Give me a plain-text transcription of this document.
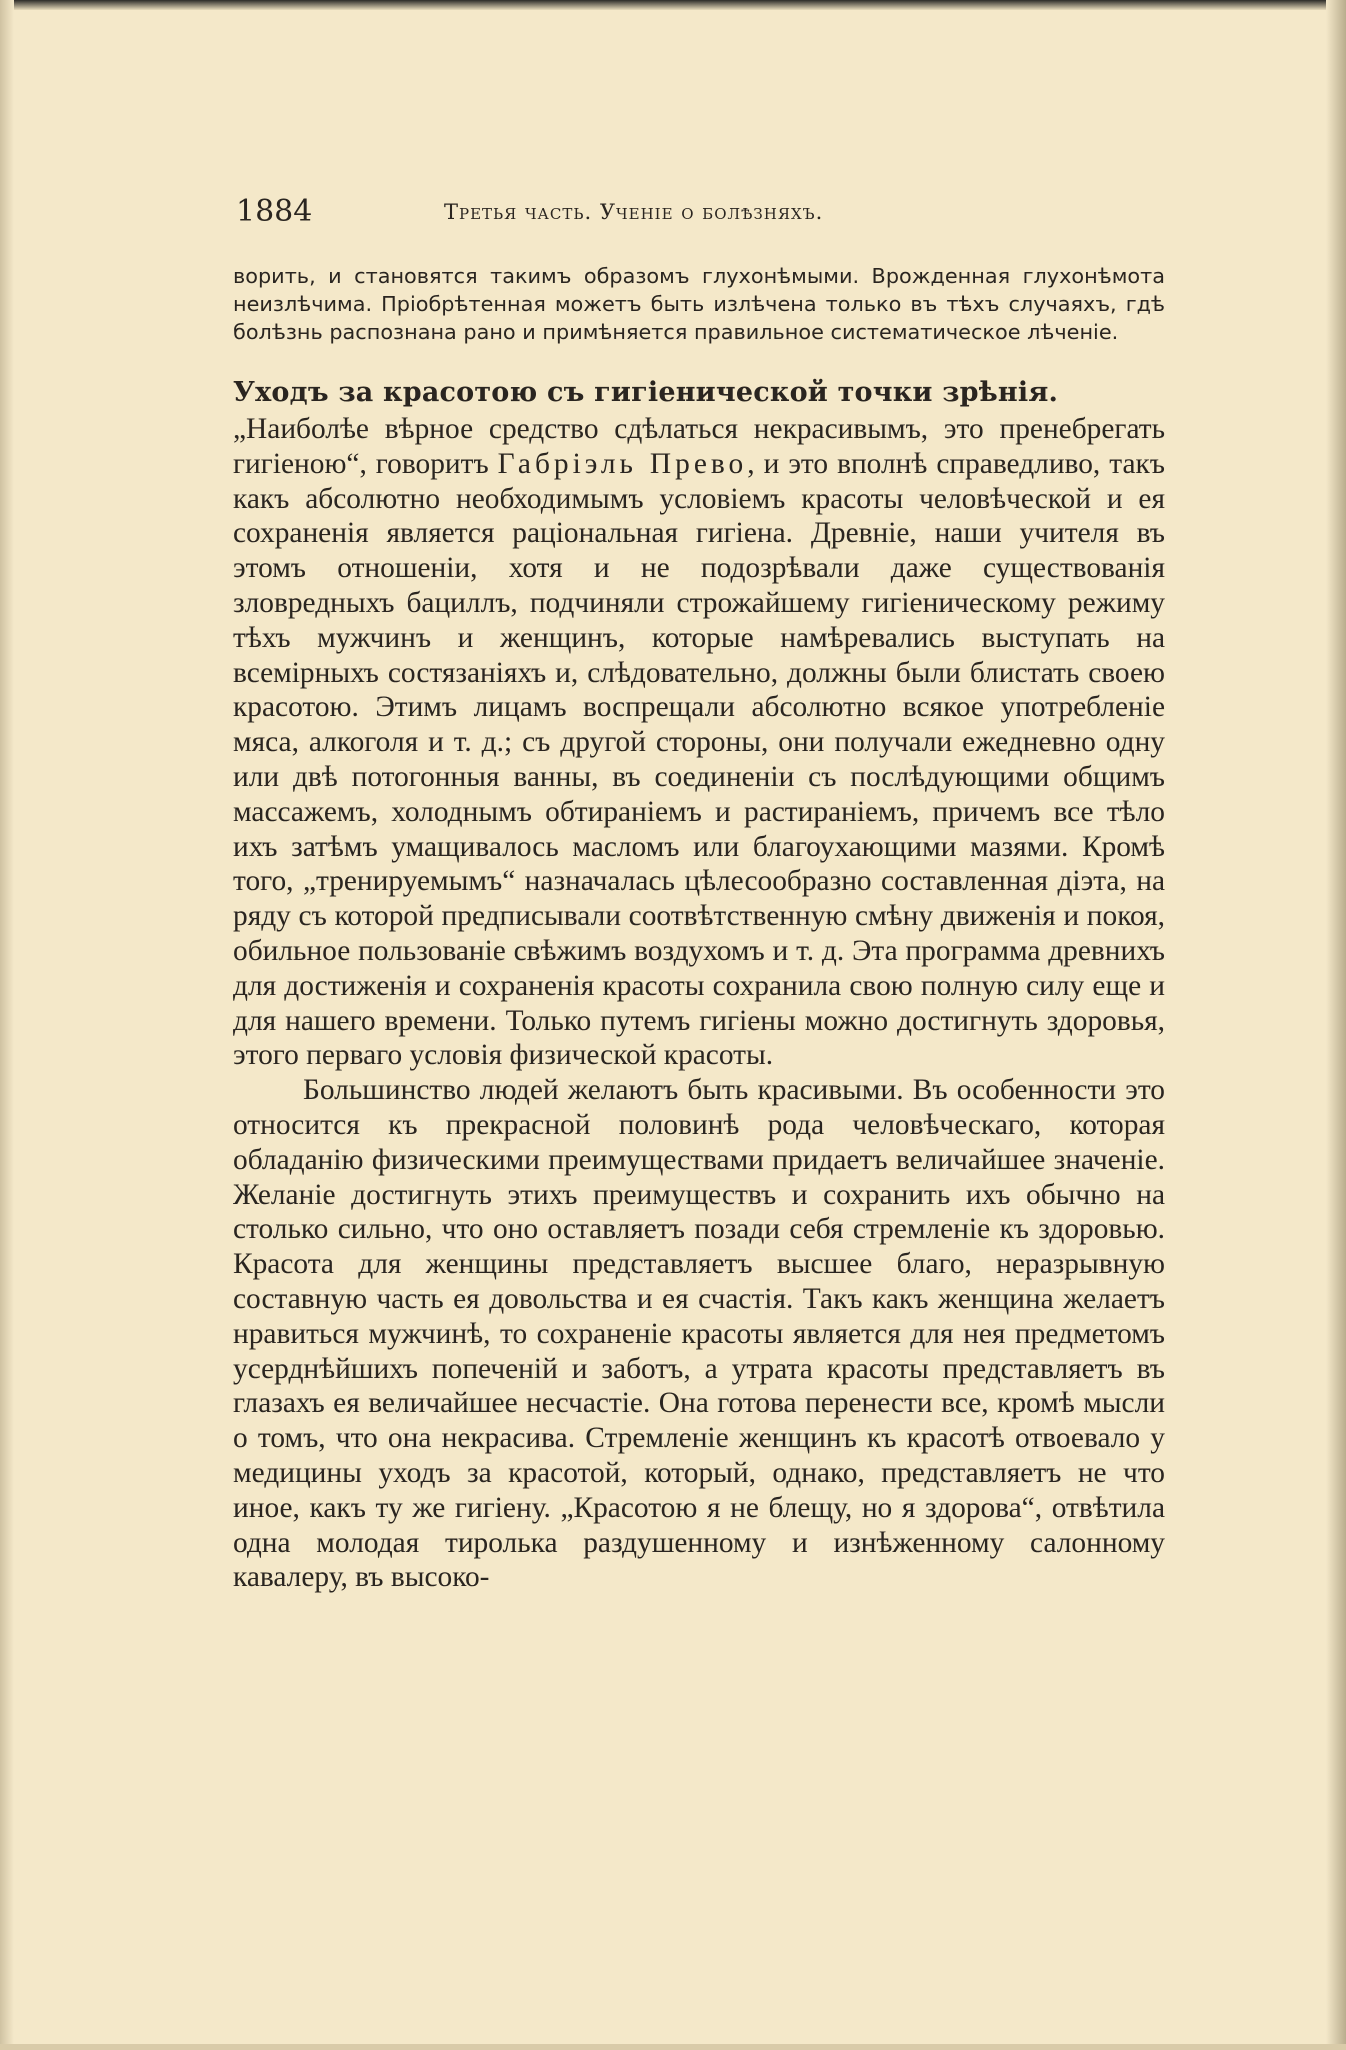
1884	Третья часть. Ученіе о болѣзняхъ.

ворить, и становятся такимъ образомъ глухонѣмыми. Врожденная глухонѣмота неизлѣчима. Пріобрѣтенная можетъ быть излѣчена только въ тѣхъ случаяхъ, гдѣ болѣзнь распознана рано и примѣняется правильное систематическое лѣченіе.

Уходъ за красотою съ гигіенической точки зрѣнія.

„Наиболѣе вѣрное средство сдѣлаться некрасивымъ, это пренебрегать гигіеною“, говоритъ Габріэль Прево, и это вполнѣ справедливо, такъ какъ абсолютно необходимымъ условіемъ красоты человѣческой и ея сохраненія является раціональная гигіена. Древніе, наши учителя въ этомъ отношеніи, хотя и не подозрѣвали даже существованія зловредныхъ бациллъ, подчиняли строжайшему гигіеническому режиму тѣхъ мужчинъ и женщинъ, которые намѣревались выступать на всемірныхъ состязаніяхъ и, слѣдовательно, должны были блистать своею красотою. Этимъ лицамъ воспрещали абсолютно всякое употребленіе мяса, алкоголя и т. д.; съ другой стороны, они получали ежедневно одну или двѣ потогонныя ванны, въ соединеніи съ послѣдующими общимъ массажемъ, холоднымъ обтираніемъ и растираніемъ, причемъ все тѣло ихъ затѣмъ умащивалось масломъ или благоухающими мазями. Кромѣ того, „тренируемымъ“ назначалась цѣлесообразно составленная діэта, на ряду съ которой предписывали соотвѣтственную смѣну движенія и покоя, обильное пользованіе свѣжимъ воздухомъ и т. д. Эта программа древнихъ для достиженія и сохраненія красоты сохранила свою полную силу еще и для нашего времени. Только путемъ гигіены можно достигнуть здоровья, этого перваго условія физической красоты.

Большинство людей желаютъ быть красивыми. Въ особенности это относится къ прекрасной половинѣ рода человѣческаго, которая обладанію физическими преимуществами придаетъ величайшее значеніе. Желаніе достигнуть этихъ преимуществъ и сохранить ихъ обычно на столько сильно, что оно оставляетъ позади себя стремленіе къ здоровью. Красота для женщины представляетъ высшее благо, неразрывную составную часть ея довольства и ея счастія. Такъ какъ женщина желаетъ нравиться мужчинѣ, то сохраненіе красоты является для нея предметомъ усерднѣйшихъ попеченій и заботъ, а утрата красоты представляетъ въ глазахъ ея величайшее несчастіе. Она готова перенести все, кромѣ мысли о томъ, что она некрасива. Стремленіе женщинъ къ красотѣ отвоевало у медицины уходъ за красотой, который, однако, представляетъ не что иное, какъ ту же гигіену. „Красотою я не блещу, но я здорова“, отвѣтила одна молодая тиролька раздушенному и изнѣженному салонному кавалеру, въ высоко-
